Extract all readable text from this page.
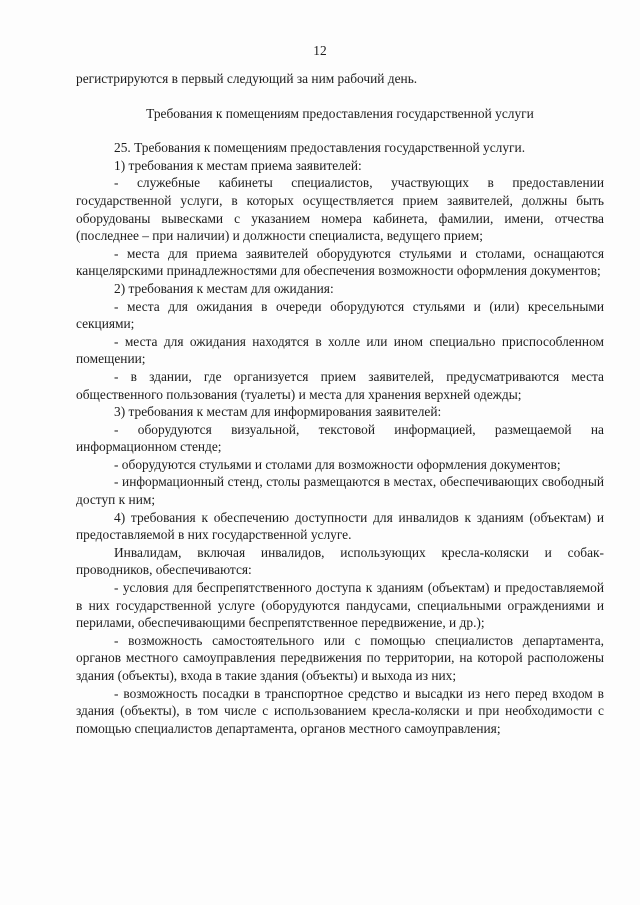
12

регистрируются в первый следующий за ним рабочий день.

Требования к помещениям предоставления государственной услуги

25. Требования к помещениям предоставления государственной услуги.

1) требования к местам приема заявителей:

- служебные кабинеты специалистов, участвующих в предоставлении государственной услуги, в которых осуществляется прием заявителей, должны быть оборудованы вывесками с указанием номера кабинета, фамилии, имени, отчества (последнее – при наличии) и должности специалиста, ведущего прием;

- места для приема заявителей оборудуются стульями и столами, оснащаются канцелярскими принадлежностями для обеспечения возможности оформления документов;

2) требования к местам для ожидания:

- места для ожидания в очереди оборудуются стульями и (или) кресельными секциями;

- места для ожидания находятся в холле или ином специально приспособленном помещении;

- в здании, где организуется прием заявителей, предусматриваются места общественного пользования (туалеты) и места для хранения верхней одежды;

3) требования к местам для информирования заявителей:

- оборудуются визуальной, текстовой информацией, размещаемой на информационном стенде;

- оборудуются стульями и столами для возможности оформления документов;

- информационный стенд, столы размещаются в местах, обеспечивающих свободный доступ к ним;

4) требования к обеспечению доступности для инвалидов к зданиям (объектам) и предоставляемой в них государственной услуге.

Инвалидам, включая инвалидов, использующих кресла-коляски и собак-проводников, обеспечиваются:

- условия для беспрепятственного доступа к зданиям (объектам) и предоставляемой в них государственной услуге (оборудуются пандусами, специальными ограждениями и перилами, обеспечивающими беспрепятственное передвижение, и др.);

- возможность самостоятельного или с помощью специалистов департамента, органов местного самоуправления передвижения по территории, на которой расположены здания (объекты), входа в такие здания (объекты) и выхода из них;

- возможность посадки в транспортное средство и высадки из него перед входом в здания (объекты), в том числе с использованием кресла-коляски и при необходимости с помощью специалистов департамента, органов местного самоуправления;
